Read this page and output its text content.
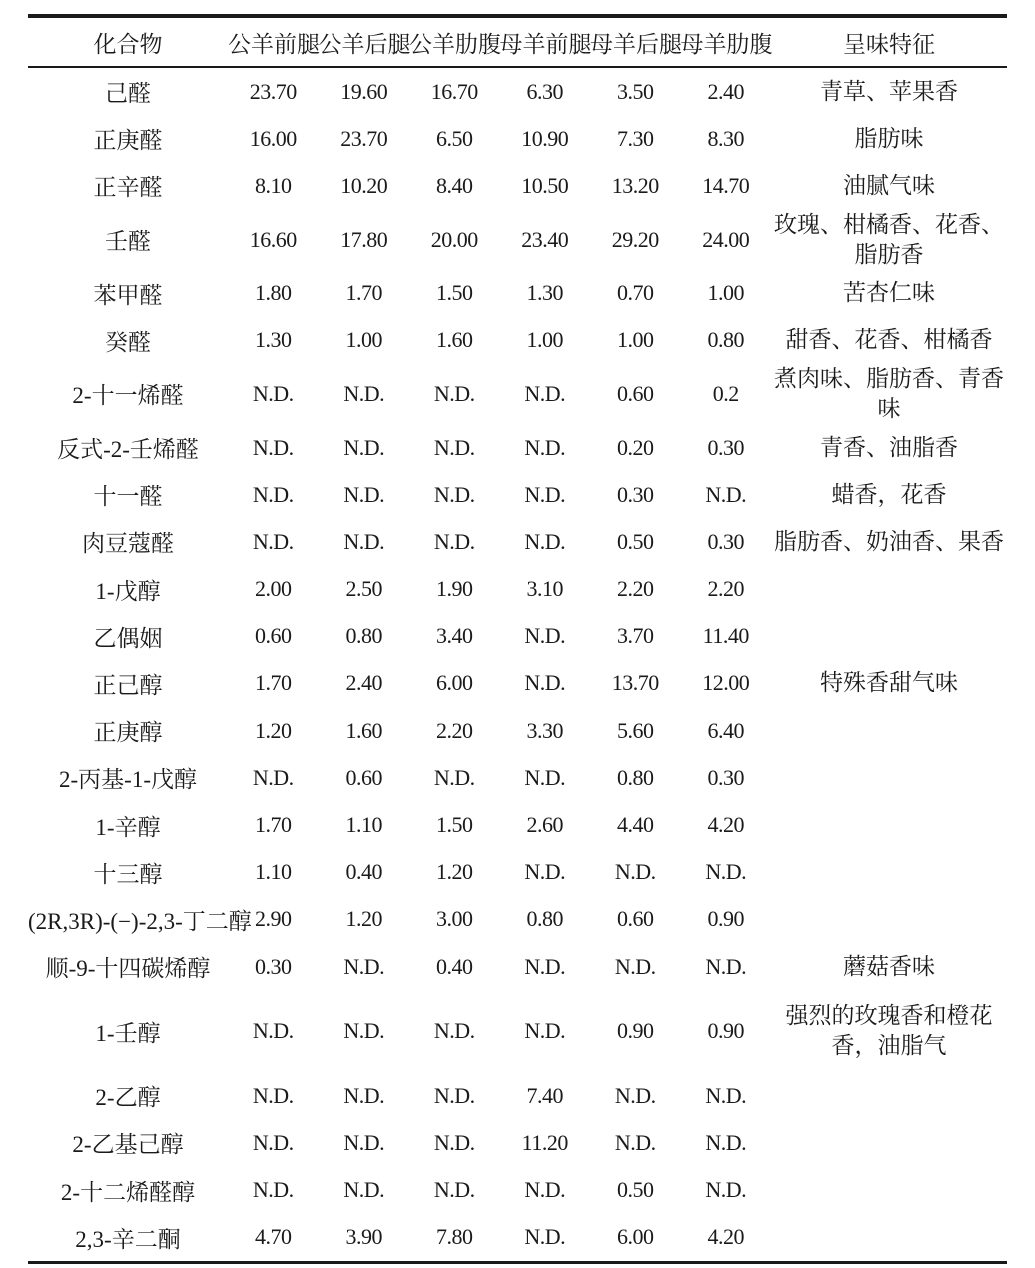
化合物	公羊前腿	公羊后腿	公羊肋腹	母羊前腿	母羊后腿	母羊肋腹	呈味特征
己醛	23.70	19.60	16.70	6.30	3.50	2.40	青草、苹果香
正庚醛	16.00	23.70	6.50	10.90	7.30	8.30	脂肪味
正辛醛	8.10	10.20	8.40	10.50	13.20	14.70	油腻气味
壬醛	16.60	17.80	20.00	23.40	29.20	24.00	玫瑰、柑橘香、花香、脂肪香
苯甲醛	1.80	1.70	1.50	1.30	0.70	1.00	苦杏仁味
癸醛	1.30	1.00	1.60	1.00	1.00	0.80	甜香、花香、柑橘香
2-十一烯醛	N.D.	N.D.	N.D.	N.D.	0.60	0.2	煮肉味、脂肪香、青香味
反式-2-壬烯醛	N.D.	N.D.	N.D.	N.D.	0.20	0.30	青香、油脂香
十一醛	N.D.	N.D.	N.D.	N.D.	0.30	N.D.	蜡香，花香
肉豆蔻醛	N.D.	N.D.	N.D.	N.D.	0.50	0.30	脂肪香、奶油香、果香
1-戊醇	2.00	2.50	1.90	3.10	2.20	2.20	
乙偶姻	0.60	0.80	3.40	N.D.	3.70	11.40	
正己醇	1.70	2.40	6.00	N.D.	13.70	12.00	特殊香甜气味
正庚醇	1.20	1.60	2.20	3.30	5.60	6.40	
2-丙基-1-戊醇	N.D.	0.60	N.D.	N.D.	0.80	0.30	
1-辛醇	1.70	1.10	1.50	2.60	4.40	4.20	
十三醇	1.10	0.40	1.20	N.D.	N.D.	N.D.	
(2R,3R)-(−)-2,3-丁二醇	2.90	1.20	3.00	0.80	0.60	0.90	
顺-9-十四碳烯醇	0.30	N.D.	0.40	N.D.	N.D.	N.D.	蘑菇香味
1-壬醇	N.D.	N.D.	N.D.	N.D.	0.90	0.90	强烈的玫瑰香和橙花香，油脂气
2-乙醇	N.D.	N.D.	N.D.	7.40	N.D.	N.D.	
2-乙基己醇	N.D.	N.D.	N.D.	11.20	N.D.	N.D.	
2-十二烯醛醇	N.D.	N.D.	N.D.	N.D.	0.50	N.D.	
2,3-辛二酮	4.70	3.90	7.80	N.D.	6.00	4.20	
